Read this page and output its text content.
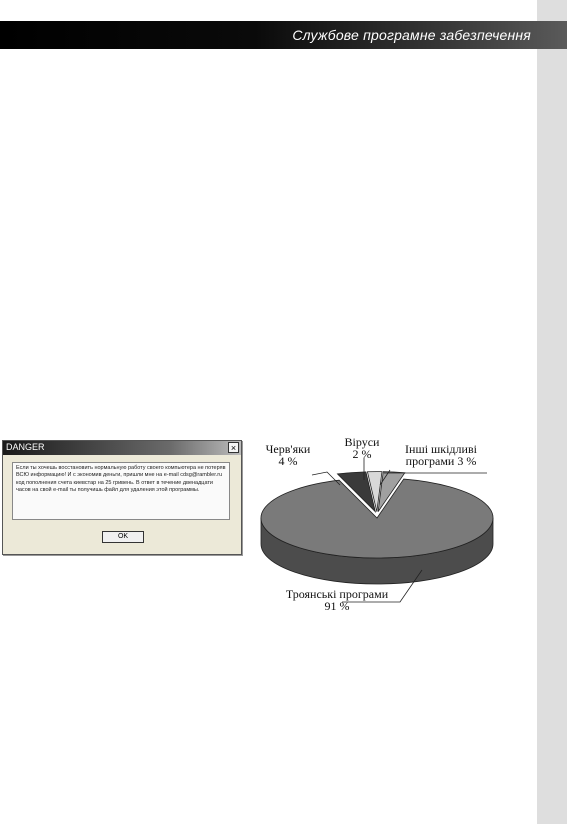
Службове програмне забезпечення
DANGER	×
Если ты хочешь восстановить нормальную работу своего компьютера не потеряв ВСЮ информацию! И с экономив деньги, пришли мне на e-mail cdsg@rambler.ru код пополнения счета киевстар на 25 гривень. В ответ в течение двенадцати часов на свой e-mail ты получишь файл для удаления этой программы.
OK
Черв'яки
4 %
Віруси
2 %	Інші шкідливі
програми 3 %
Троянські програми
91 %
